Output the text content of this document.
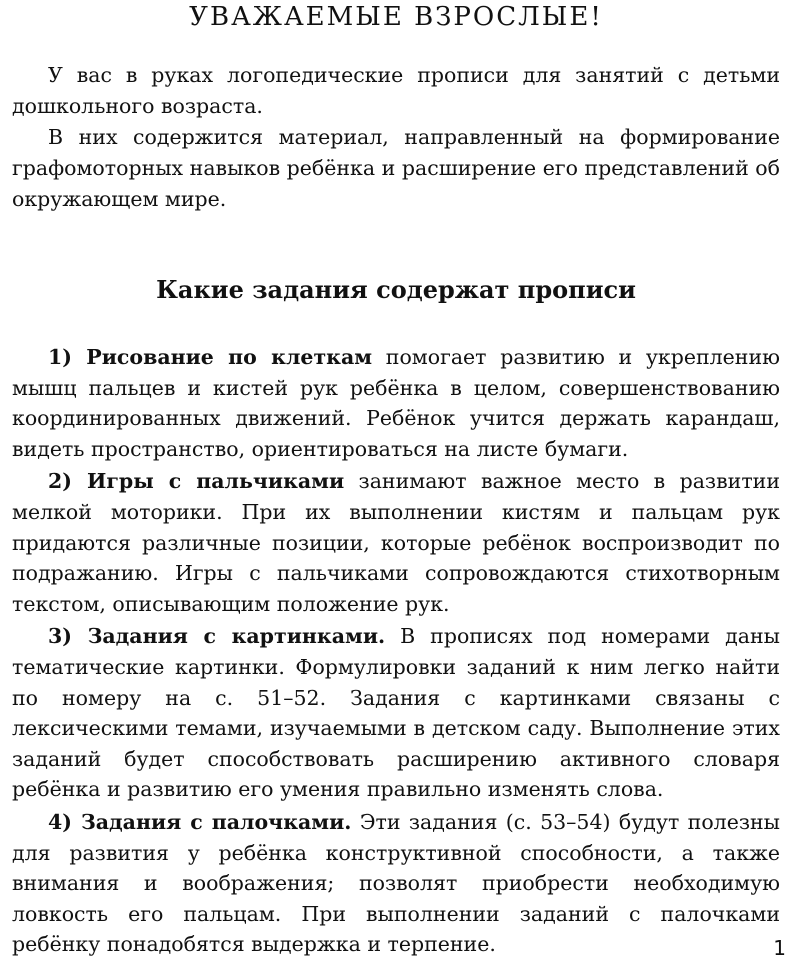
УВАЖАЕМЫЕ ВЗРОСЛЫЕ!

У вас в руках логопедические прописи для занятий с детьми дошкольного возраста.

В них содержится материал, направленный на формирование графомоторных навыков ребёнка и расширение его представлений об окружающем мире.

Какие задания содержат прописи

1) Рисование по клеткам помогает развитию и укреплению мышц пальцев и кистей рук ребёнка в целом, совершенствованию координированных движений. Ребёнок учится держать карандаш, видеть пространство, ориентироваться на листе бумаги.

2) Игры с пальчиками занимают важное место в развитии мелкой моторики. При их выполнении кистям и пальцам рук придаются различные позиции, которые ребёнок воспроизводит по подражанию. Игры с пальчиками сопровождаются стихотворным текстом, описывающим положение рук.

3) Задания с картинками. В прописях под номерами даны тематические картинки. Формулировки заданий к ним легко найти по номеру на с. 51–52. Задания с картинками связаны с лексическими темами, изучаемыми в детском саду. Выполнение этих заданий будет способствовать расширению активного словаря ребёнка и развитию его умения правильно изменять слова.

4) Задания с палочками. Эти задания (с. 53–54) будут полезны для развития у ребёнка конструктивной способности, а также внимания и воображения; позволят приобрести необходимую ловкость его пальцам. При выполнении заданий с палочками ребёнку понадобятся выдержка и терпение.	1
